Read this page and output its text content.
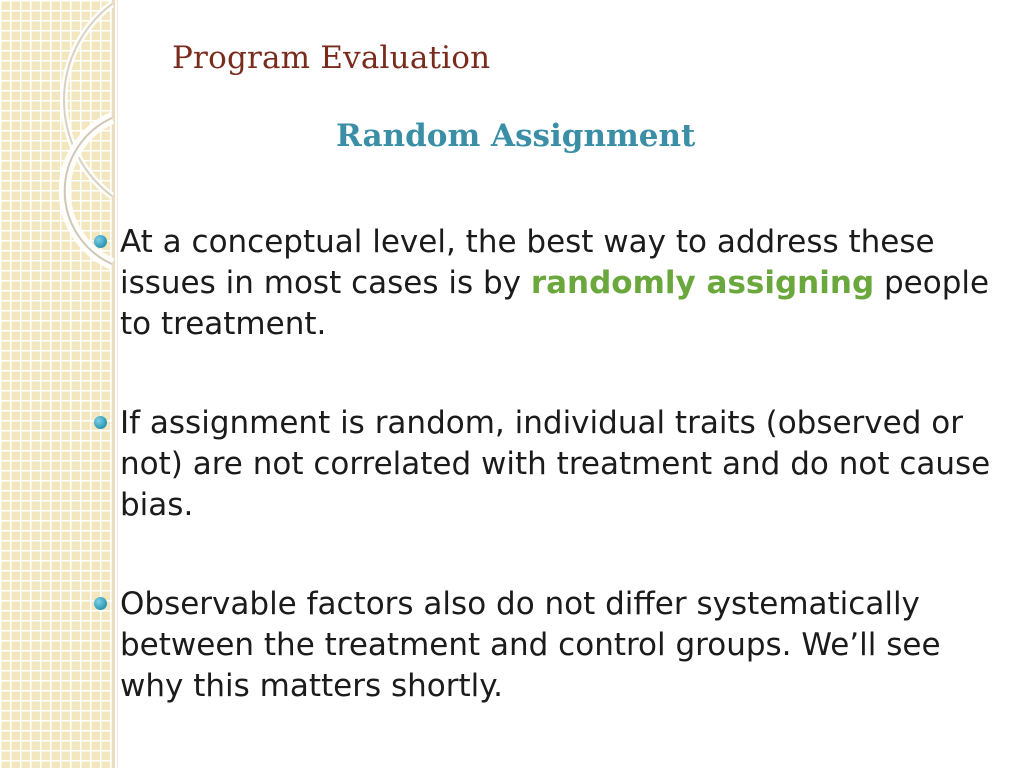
Program Evaluation
Random Assignment
At a conceptual level, the best way to address these issues in most cases is by randomly assigning people to treatment.
If assignment is random, individual traits (observed or not) are not correlated with treatment and do not cause bias.
Observable factors also do not differ systematically between the treatment and control groups. We’ll see why this matters shortly.
